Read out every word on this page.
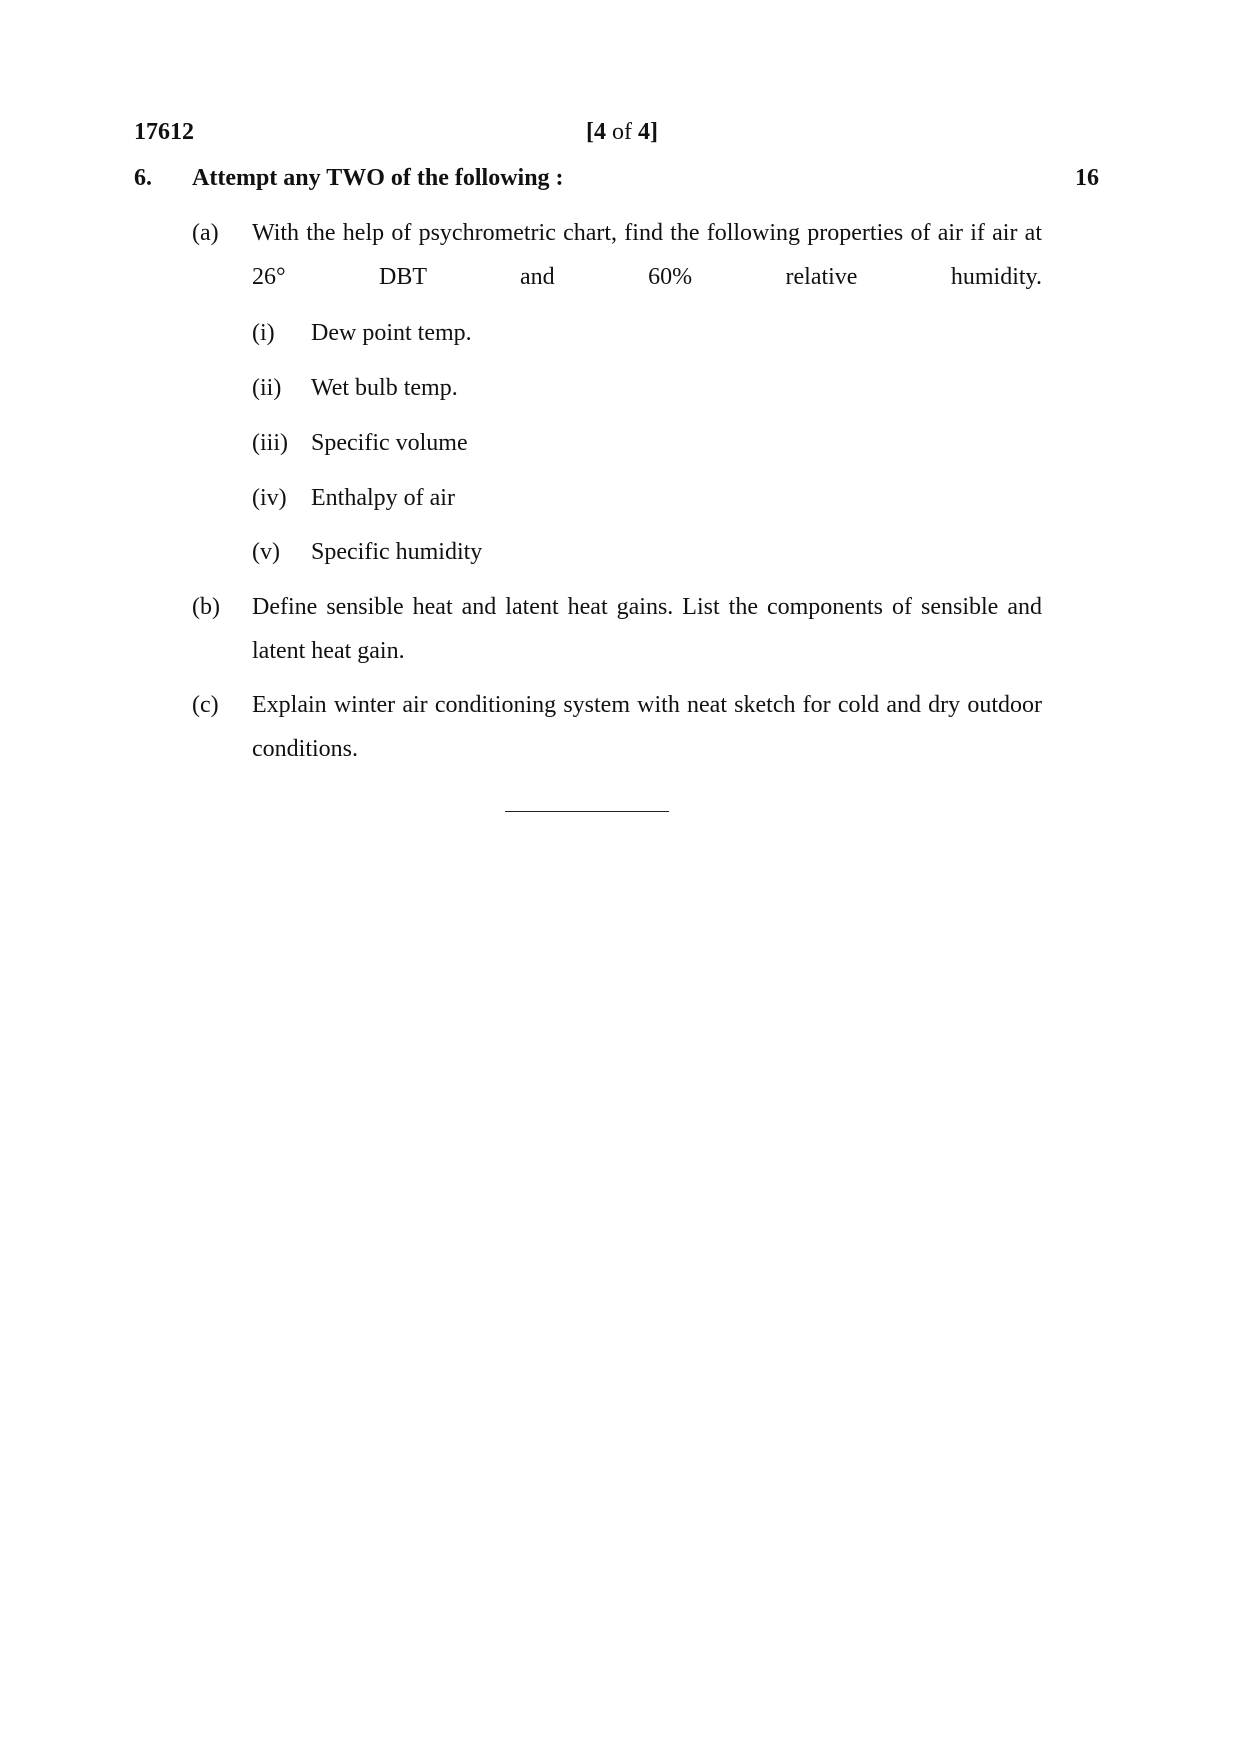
17612	[4 of 4]
6. Attempt any TWO of the following :	16
(a) With the help of psychrometric chart, find the following properties of air if air at 26° DBT and 60% relative humidity.
(i) Dew point temp.
(ii) Wet bulb temp.
(iii) Specific volume
(iv) Enthalpy of air
(v) Specific humidity
(b) Define sensible heat and latent heat gains. List the components of sensible and latent heat gain.
(c) Explain winter air conditioning system with neat sketch for cold and dry outdoor conditions.
